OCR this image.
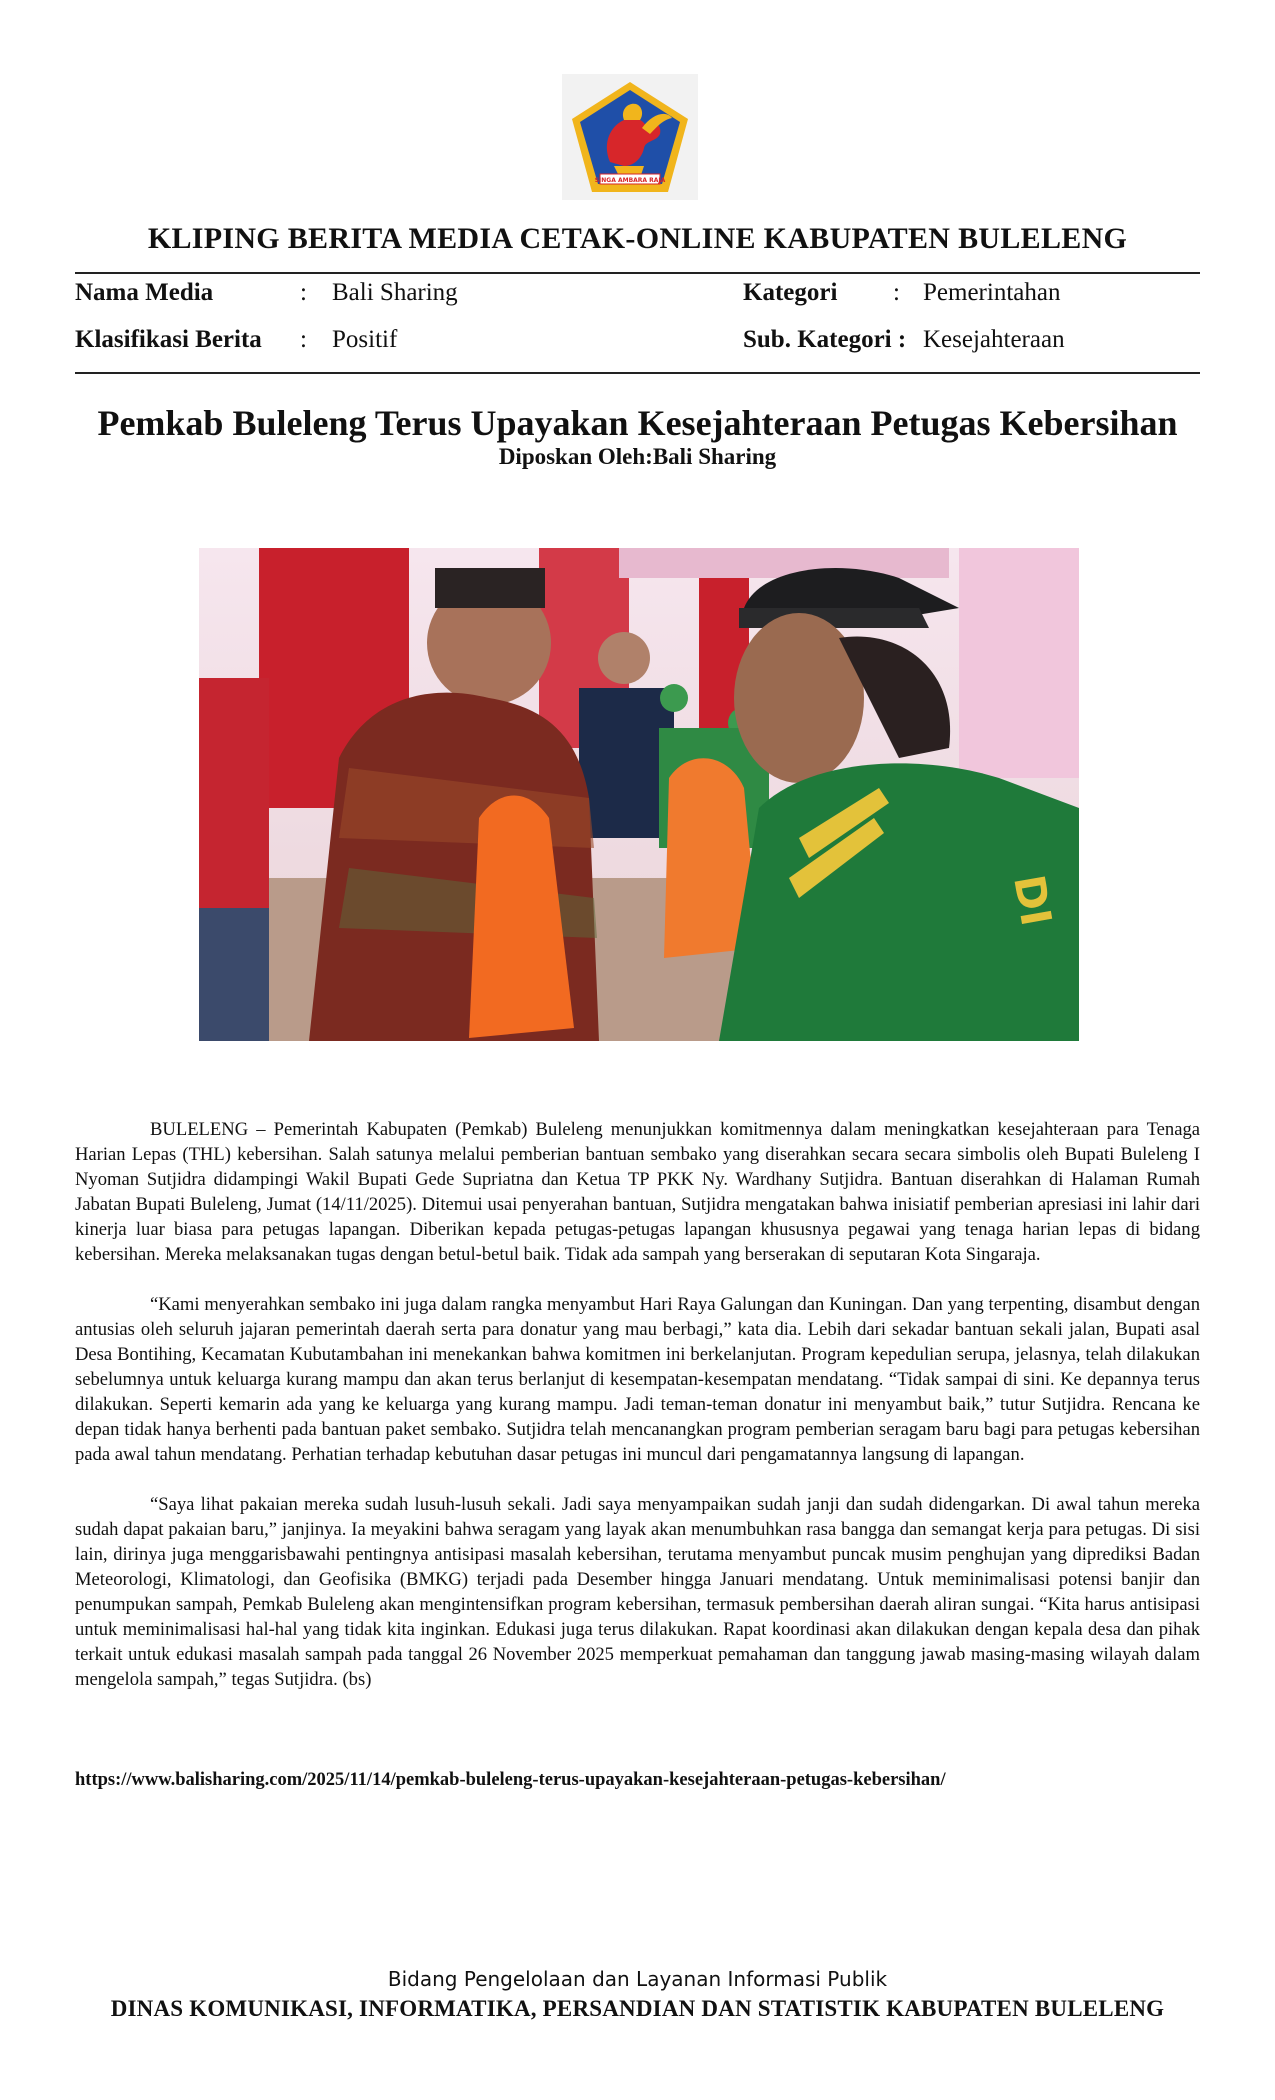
SINGA AMBARA RAJA
KLIPING BERITA MEDIA CETAK-ONLINE KABUPATEN BULELENG
Nama Media	: Bali Sharing	Kategori : Pemerintahan
Klasifikasi Berita : Positif	Sub. Kategori : Kesejahteraan
Pemkab Buleleng Terus Upayakan Kesejahteraan Petugas Kebersihan
Diposkan Oleh:Bali Sharing
DI

BULELENG – Pemerintah Kabupaten (Pemkab) Buleleng menunjukkan komitmennya dalam meningkatkan kesejahteraan para Tenaga Harian Lepas (THL) kebersihan. Salah satunya melalui pemberian bantuan sembako yang diserahkan secara secara simbolis oleh Bupati Buleleng I Nyoman Sutjidra didampingi Wakil Bupati Gede Supriatna dan Ketua TP PKK Ny. Wardhany Sutjidra. Bantuan diserahkan di Halaman Rumah Jabatan Bupati Buleleng, Jumat (14/11/2025). Ditemui usai penyerahan bantuan, Sutjidra mengatakan bahwa inisiatif pemberian apresiasi ini lahir dari kinerja luar biasa para petugas lapangan. Diberikan kepada petugas-petugas lapangan khususnya pegawai yang tenaga harian lepas di bidang kebersihan. Mereka melaksanakan tugas dengan betul-betul baik. Tidak ada sampah yang berserakan di seputaran Kota Singaraja.

“Kami menyerahkan sembako ini juga dalam rangka menyambut Hari Raya Galungan dan Kuningan. Dan yang terpenting, disambut dengan antusias oleh seluruh jajaran pemerintah daerah serta para donatur yang mau berbagi,” kata dia. Lebih dari sekadar bantuan sekali jalan, Bupati asal Desa Bontihing, Kecamatan Kubutambahan ini menekankan bahwa komitmen ini berkelanjutan. Program kepedulian serupa, jelasnya, telah dilakukan sebelumnya untuk keluarga kurang mampu dan akan terus berlanjut di kesempatan-kesempatan mendatang. “Tidak sampai di sini. Ke depannya terus dilakukan. Seperti kemarin ada yang ke keluarga yang kurang mampu. Jadi teman-teman donatur ini menyambut baik,” tutur Sutjidra. Rencana ke depan tidak hanya berhenti pada bantuan paket sembako. Sutjidra telah mencanangkan program pemberian seragam baru bagi para petugas kebersihan pada awal tahun mendatang. Perhatian terhadap kebutuhan dasar petugas ini muncul dari pengamatannya langsung di lapangan.

“Saya lihat pakaian mereka sudah lusuh-lusuh sekali. Jadi saya menyampaikan sudah janji dan sudah didengarkan. Di awal tahun mereka sudah dapat pakaian baru,” janjinya. Ia meyakini bahwa seragam yang layak akan menumbuhkan rasa bangga dan semangat kerja para petugas. Di sisi lain, dirinya juga menggarisbawahi pentingnya antisipasi masalah kebersihan, terutama menyambut puncak musim penghujan yang diprediksi Badan Meteorologi, Klimatologi, dan Geofisika (BMKG) terjadi pada Desember hingga Januari mendatang. Untuk meminimalisasi potensi banjir dan penumpukan sampah, Pemkab Buleleng akan mengintensifkan program kebersihan, termasuk pembersihan daerah aliran sungai. “Kita harus antisipasi untuk meminimalisasi hal-hal yang tidak kita inginkan. Edukasi juga terus dilakukan. Rapat koordinasi akan dilakukan dengan kepala desa dan pihak terkait untuk edukasi masalah sampah pada tanggal 26 November 2025 memperkuat pemahaman dan tanggung jawab masing-masing wilayah dalam mengelola sampah,” tegas Sutjidra. (bs)

https://www.balisharing.com/2025/11/14/pemkab-buleleng-terus-upayakan-kesejahteraan-petugas-kebersihan/
Bidang Pengelolaan dan Layanan Informasi Publik
DINAS KOMUNIKASI, INFORMATIKA, PERSANDIAN DAN STATISTIK KABUPATEN BULELENG
